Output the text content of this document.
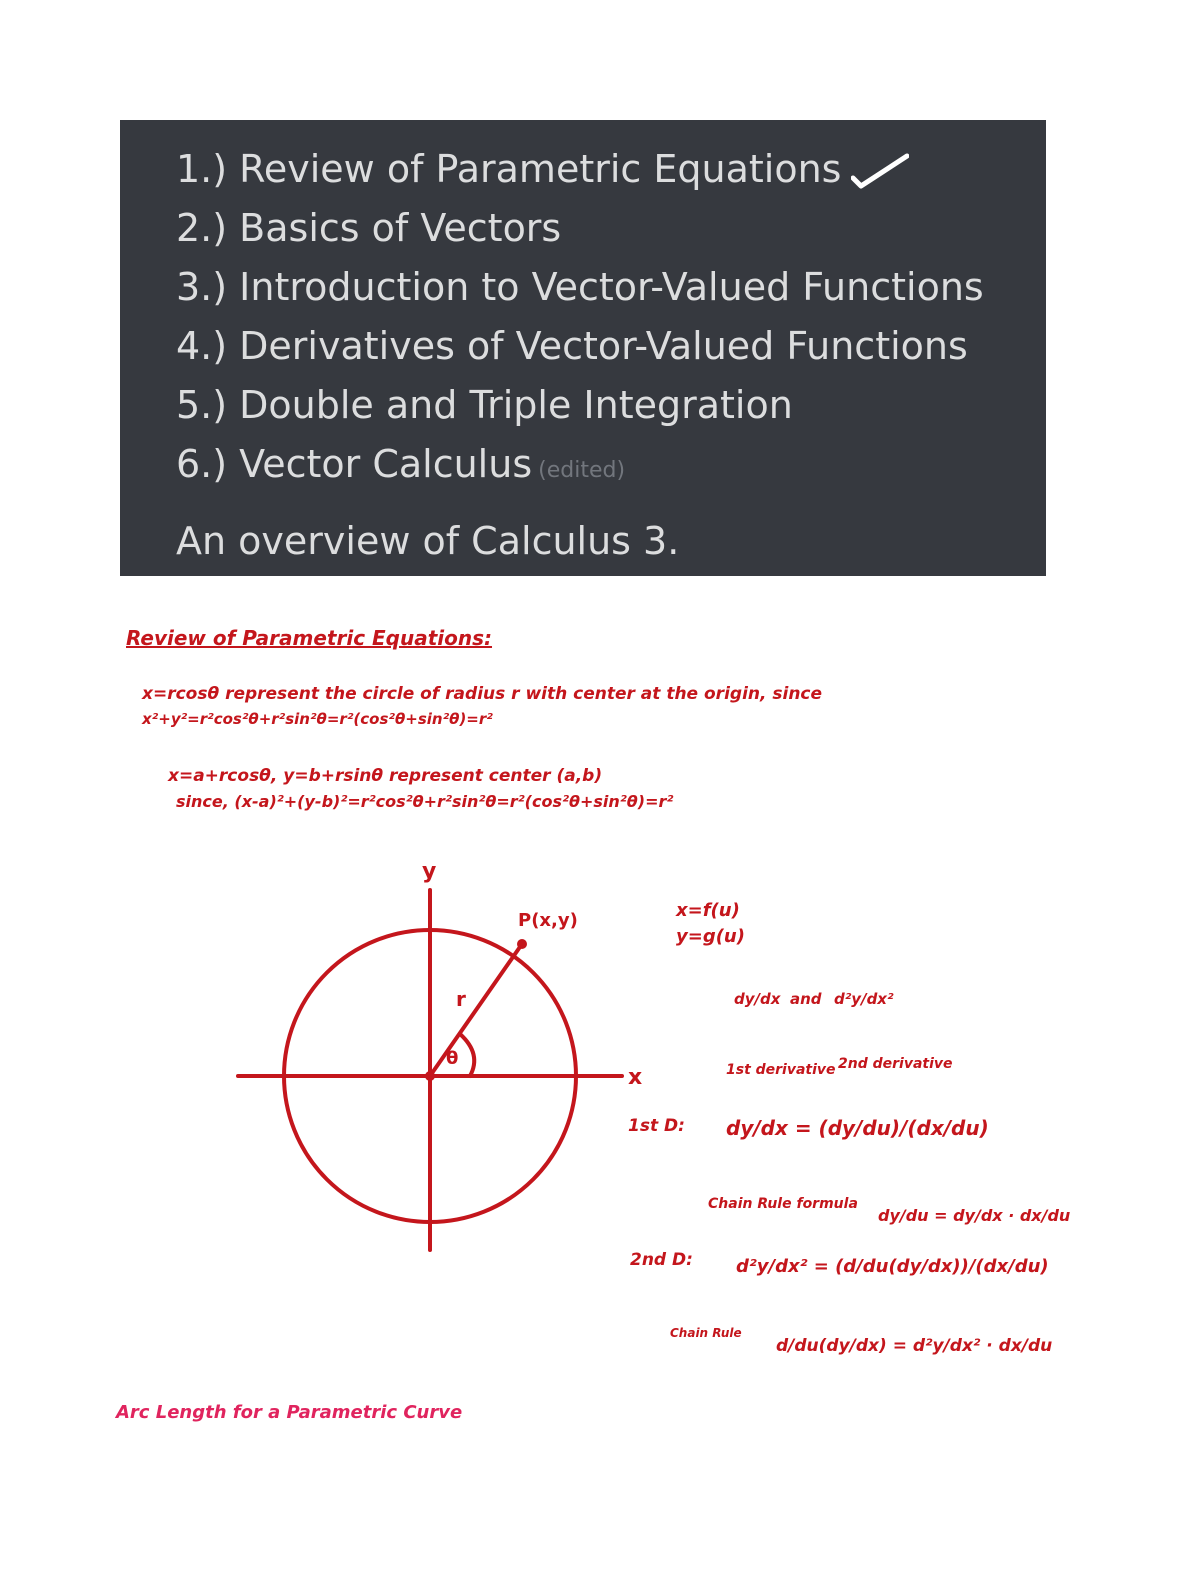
1.) Review of Parametric Equations
2.) Basics of Vectors
3.) Introduction to Vector-Valued Functions
4.) Derivatives of Vector-Valued Functions
5.) Double and Triple Integration
6.) Vector Calculus (edited)
An overview of Calculus 3.
Review of Parametric Equations:
x=rcosθ represent the circle of radius r with center at the origin, since
x²+y²=r²cos²θ+r²sin²θ=r²(cos²θ+sin²θ)=r²
x=a+rcosθ, y=b+rsinθ represent center (a,b)
since, (x-a)²+(y-b)²=r²cos²θ+r²sin²θ=r²(cos²θ+sin²θ)=r²
y
x
P(x,y)
r
θ
x=f(u)
y=g(u)
dy/dx and d²y/dx²
1st derivative 2nd derivative
1st D: dy/dx = (dy/du)/(dx/du)
Chain Rule formula
dy/du = dy/dx · dx/du
2nd D: d²y/dx² = (d/du(dy/dx))/(dx/du)
Chain Rule
d/du(dy/dx) = d²y/dx² · dx/du
Arc Length for a Parametric Curve
